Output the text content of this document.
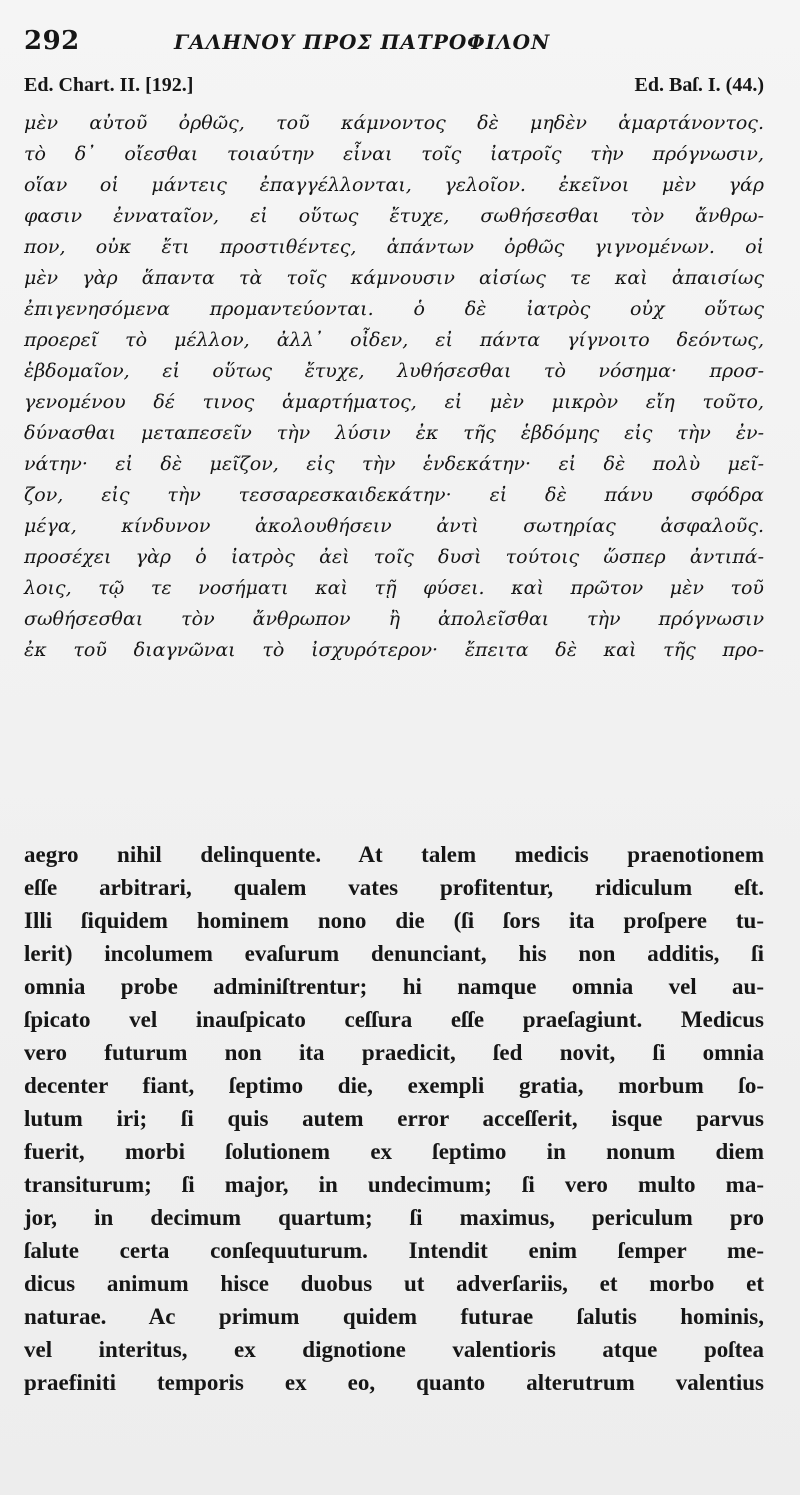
292	ΓΑΛΗΝΟΥ ΠΡΟΣ ΠΑΤΡΟΦΙΛΟΝ
Ed. Chart. II. [192.]	Ed. Baſ. I. (44.)
μὲν αὐτοῦ ὀρθῶς, τοῦ κάμνοντος δὲ μηδὲν ἁμαρτάνοντος.
τὸ δ᾽ οἴεσθαι τοιαύτην εἶναι τοῖς ἰατροῖς τὴν πρόγνωσιν,
οἵαν οἱ μάντεις ἐπαγγέλλονται, γελοῖον. ἐκεῖνοι μὲν γάρ
φασιν ἐνναταῖον, εἰ οὕτως ἔτυχε, σωθήσεσθαι τὸν ἄνθρω-
πον, οὐκ ἔτι προστιθέντες, ἁπάντων ὀρθῶς γιγνομένων. οἱ
μὲν γὰρ ἅπαντα τὰ τοῖς κάμνουσιν αἰσίως τε καὶ ἀπαισίως
ἐπιγενησόμενα προμαντεύονται. ὁ δὲ ἰατρὸς οὐχ οὕτως
προερεῖ τὸ μέλλον, ἀλλ᾽ οἶδεν, εἰ πάντα γίγνοιτο δεόντως,
ἑβδομαῖον, εἰ οὕτως ἔτυχε, λυθήσεσθαι τὸ νόσημα· προσ-
γενομένου δέ τινος ἁμαρτήματος, εἰ μὲν μικρὸν εἴη τοῦτο,
δύνασθαι μεταπεσεῖν τὴν λύσιν ἐκ τῆς ἑβδόμης εἰς τὴν ἐν-
νάτην· εἰ δὲ μεῖζον, εἰς τὴν ἑνδεκάτην· εἰ δὲ πολὺ μεῖ-
ζον, εἰς τὴν τεσσαρεσκαιδεκάτην· εἰ δὲ πάνυ σφόδρα
μέγα, κίνδυνον ἀκολουθήσειν ἀντὶ σωτηρίας ἀσφαλοῦς.
προσέχει γὰρ ὁ ἰατρὸς ἀεὶ τοῖς δυσὶ τούτοις ὥσπερ ἀντιπά-
λοις, τῷ τε νοσήματι καὶ τῇ φύσει. καὶ πρῶτον μὲν τοῦ
σωθήσεσθαι τὸν ἄνθρωπον ἢ ἀπολεῖσθαι τὴν πρόγνωσιν
ἐκ τοῦ διαγνῶναι τὸ ἰσχυρότερον· ἔπειτα δὲ καὶ τῆς προ-
aegro nihil delinquente. At talem medicis praenotionem
eſſe arbitrari, qualem vates profitentur, ridiculum eſt.
Illi ſiquidem hominem nono die (ſi ſors ita proſpere tu-
lerit) incolumem evaſurum denunciant, his non additis, ſi
omnia probe adminiſtrentur; hi namque omnia vel au-
ſpicato vel inauſpicato ceſſura eſſe praeſagiunt. Medicus
vero futurum non ita praedicit, ſed novit, ſi omnia
decenter fiant, ſeptimo die, exempli gratia, morbum ſo-
lutum iri; ſi quis autem error acceſſerit, isque parvus
fuerit, morbi ſolutionem ex ſeptimo in nonum diem
transiturum; ſi major, in undecimum; ſi vero multo ma-
jor, in decimum quartum; ſi maximus, periculum pro
ſalute certa conſequuturum. Intendit enim ſemper me-
dicus animum hisce duobus ut adverſariis, et morbo et
naturae. Ac primum quidem futurae ſalutis hominis,
vel interitus, ex dignotione valentioris atque poſtea
praefiniti temporis ex eo, quanto alterutrum valentius
